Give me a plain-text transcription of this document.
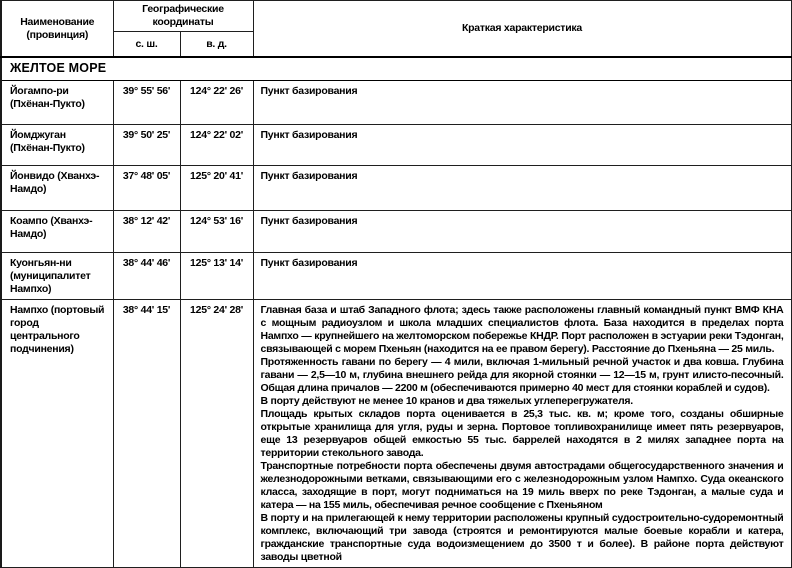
Наименование (провинция)	Географические координаты		Краткая характеристика
	с. ш.	в. д.	
ЖЕЛТОЕ МОРЕ			
Йогампо-ри (Пхёнан-Пукто)	39° 55' 56'	124° 22' 26'	Пункт базирования
Йомджуган (Пхёнан-Пукто)	39° 50' 25'	124° 22' 02'	Пункт базирования
Йонвидо (Хванхэ-Намдо)	37° 48' 05'	125° 20' 41'	Пункт базирования
Коампо (Хванхэ-Намдо)	38° 12' 42'	124° 53' 16'	Пункт базирования
Куонгьян-ни (муниципалитет Нампхо)	38° 44' 46'	125° 13' 14'	Пункт базирования
Нампхо (портовый город центрального подчинения)	38° 44' 15'	125° 24' 28'	Главная база и штаб Западного флота; здесь также расположены главный командный пункт ВМФ КНА с мощным радиоузлом и школа младших специалистов флота. База находится в пределах порта Нампхо — крупнейшего на желтоморском побережье КНДР. Порт расположен в эстуарии реки Тэдонган, связывающей с морем Пхеньян (находится на ее правом берегу). Расстояние до Пхеньяна — 25 миль.

Протяженность гавани по берегу — 4 мили, включая 1-мильный речной участок и два ковша. Глубина гавани — 2,5—10 м, глубина внешнего рейда для якорной стоянки — 12—15 м, грунт илисто-песочный. Общая длина причалов — 2200 м (обеспечиваются примерно 40 мест для стоянки кораблей и судов).

В порту действуют не менее 10 кранов и два тяжелых углеперегружателя.

Площадь крытых складов порта оценивается в 25,3 тыс. кв. м; кроме того, созданы обширные открытые хранилища для угля, руды и зерна. Портовое топливохранилище имеет пять резервуаров, еще 13 резервуаров общей емкостью 55 тыс. баррелей находятся в 2 милях западнее порта на территории стекольного завода.

Транспортные потребности порта обеспечены двумя автострадами общегосударственного значения и железнодорожными ветками, связывающими его с железнодорожным узлом Нампхо. Суда океанского класса, заходящие в порт, могут подниматься на 19 миль вверх по реке Тэдонган, а малые суда и катера — на 155 миль, обеспечивая речное сообщение с Пхеньяном

В порту и на прилегающей к нему территории расположены крупный судостроительно-судоремонтный комплекс, включающий три завода (строятся и ремонтируются малые боевые корабли и катера, гражданские транспортные суда водоизмещением до 3500 т и более). В районе порта действуют заводы цветной
